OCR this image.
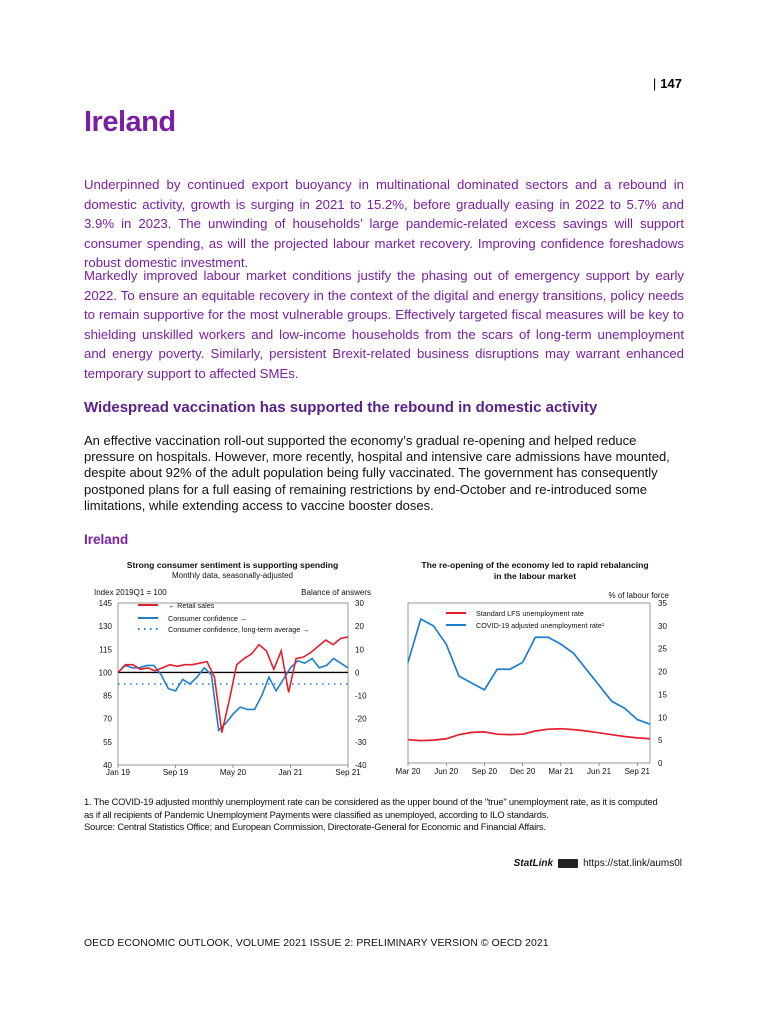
| 147
Ireland
Underpinned by continued export buoyancy in multinational dominated sectors and a rebound in domestic activity, growth is surging in 2021 to 15.2%, before gradually easing in 2022 to 5.7% and 3.9% in 2023. The unwinding of households’ large pandemic-related excess savings will support consumer spending, as will the projected labour market recovery. Improving confidence foreshadows robust domestic investment.
Markedly improved labour market conditions justify the phasing out of emergency support by early 2022. To ensure an equitable recovery in the context of the digital and energy transitions, policy needs to remain supportive for the most vulnerable groups. Effectively targeted fiscal measures will be key to shielding unskilled workers and low-income households from the scars of long-term unemployment and energy poverty. Similarly, persistent Brexit-related business disruptions may warrant enhanced temporary support to affected SMEs.
Widespread vaccination has supported the rebound in domestic activity
An effective vaccination roll-out supported the economy’s gradual re-opening and helped reduce pressure on hospitals. However, more recently, hospital and intensive care admissions have mounted, despite about 92% of the adult population being fully vaccinated. The government has consequently postponed plans for a full easing of remaining restrictions by end-October and re-introduced some limitations, while extending access to vaccine booster doses.
Ireland
Strong consumer sentiment is supporting spending
Monthly data, seasonally-adjusted
Index 2019Q1 = 100	Balance of answers
145
130
115
100
85
70
55
40
30
20
10
0
-10
-20
-30
-40
Jan 19	Sep 19	May 20	Jan 21	Sep 21
← Retail sales
Consumer confidence →
Consumer confidence, long-term average →
The re-opening of the economy led to rapid rebalancing in the labour market
% of labour force
35
30
25
20
15
10
5
0
Mar 20 Jun 20 Sep 20 Dec 20 Mar 21 Jun 21 Sep 21
Standard LFS unemployment rate
COVID-19 adjusted unemployment rate¹
1. The COVID-19 adjusted monthly unemployment rate can be considered as the upper bound of the "true" unemployment rate, as it is computed
as if all recipients of Pandemic Unemployment Payments were classified as unemployed, according to ILO standards.
Source: Central Statistics Office; and European Commission, Directorate-General for Economic and Financial Affairs.
StatLink	https://stat.link/aums0l
OECD ECONOMIC OUTLOOK, VOLUME 2021 ISSUE 2: PRELIMINARY VERSION © OECD 2021
